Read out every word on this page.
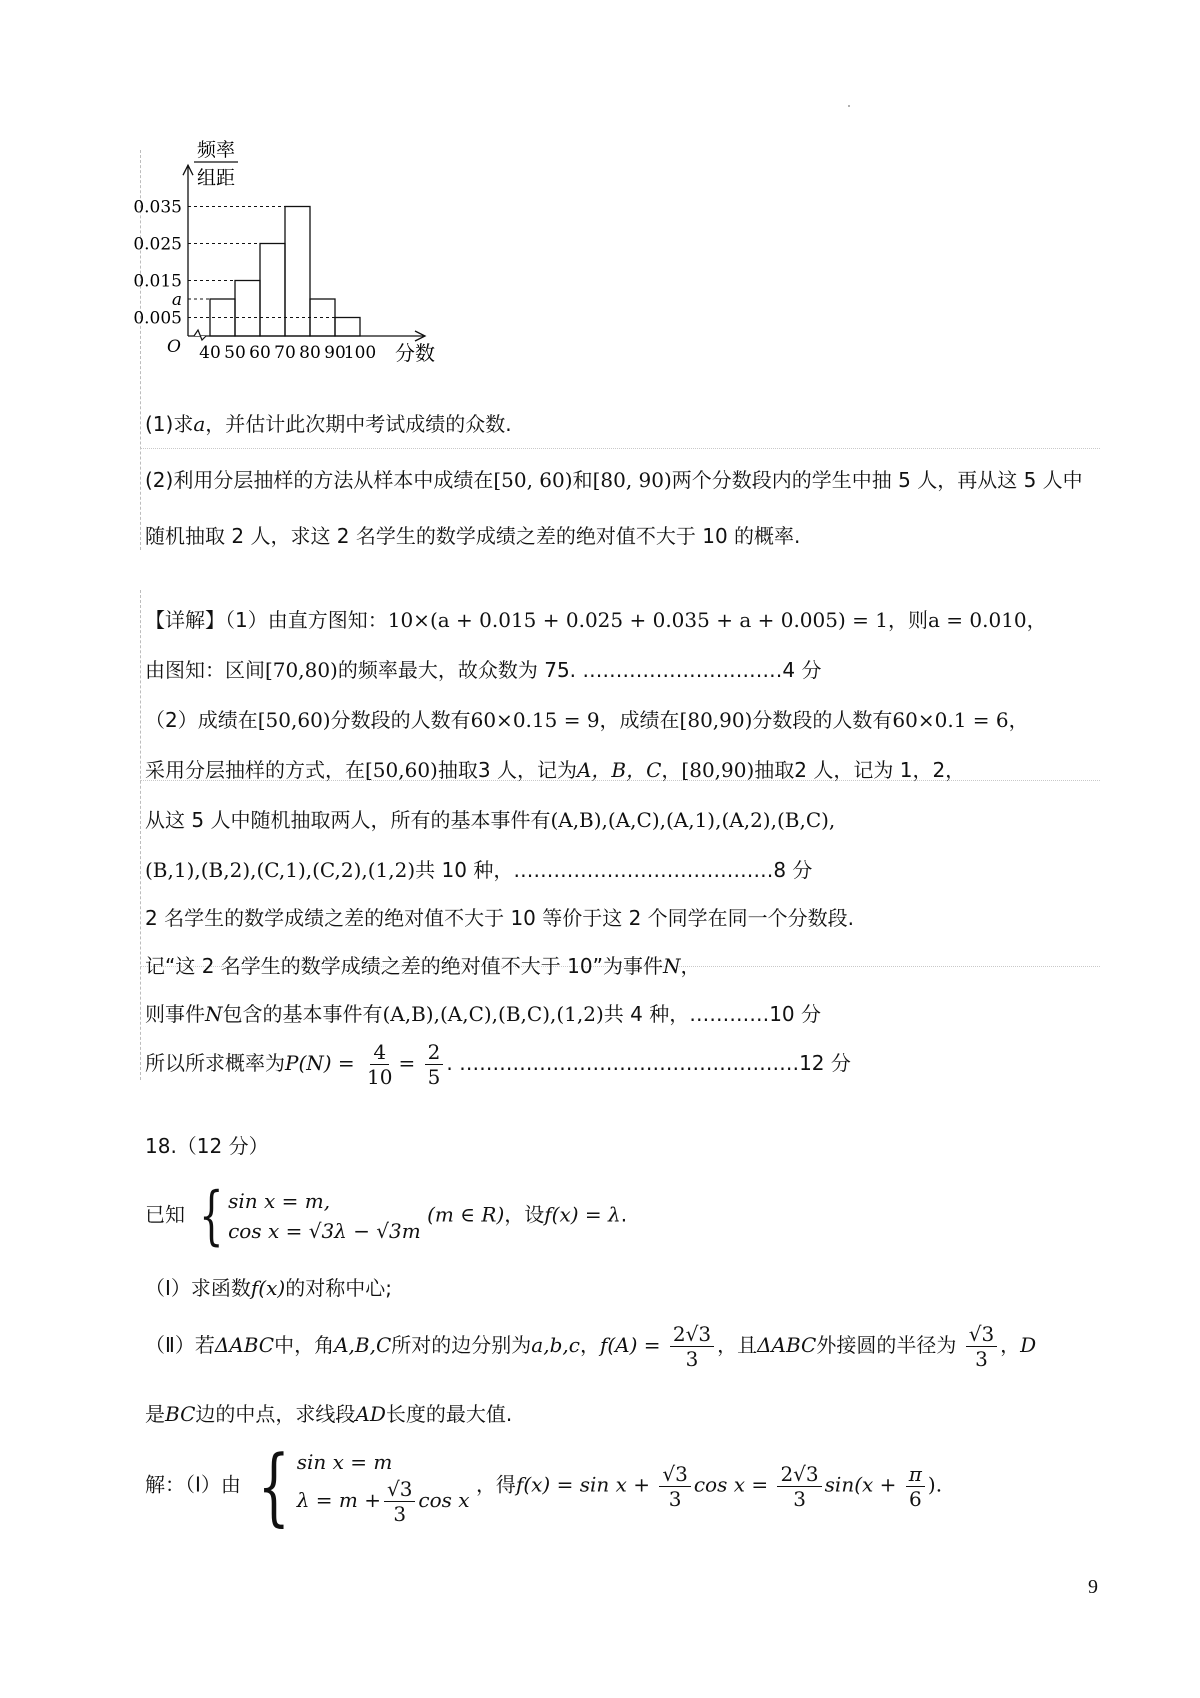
0.035
0.025
0.015
a
0.005
40 50 60 70 80 90
100
O	分数
频率
组距
(1)求a，并估计此次期中考试成绩的众数.
(2)利用分层抽样的方法从样本中成绩在[50, 60)和[80, 90)两个分数段内的学生中抽 5 人，再从这 5 人中
随机抽取 2 人，求这 2 名学生的数学成绩之差的绝对值不大于 10 的概率.
【详解】（1）由直方图知：10×(a + 0.015 + 0.025 + 0.035 + a + 0.005) = 1，则a = 0.010，
由图知：区间[70,80)的频率最大，故众数为 75. …………………………4 分
（2）成绩在[50,60)分数段的人数有60×0.15 = 9，成绩在[80,90)分数段的人数有60×0.1 = 6，
采用分层抽样的方式，在[50,60)抽取3 人，记为A，B，C，[80,90)抽取2 人，记为 1，2，
从这 5 人中随机抽取两人，所有的基本事件有(A,B),(A,C),(A,1),(A,2),(B,C),
(B,1),(B,2),(C,1),(C,2),(1,2)共 10 种，…………………………………8 分
2 名学生的数学成绩之差的绝对值不大于 10 等价于这 2 个同学在同一个分数段.
记“这 2 名学生的数学成绩之差的绝对值不大于 10”为事件N，
则事件N包含的基本事件有(A,B),(A,C),(B,C),(1,2)共 4 种，…………10 分
所以所求概率为$P(N) = \frac{4}{10} = \frac{2}{5}$ . ……………………………………………12 分
18.（12 分）
已知 { sin x = m,
cos x = √3λ − √3m
(m ∈ R)，设f(x) = λ.
（Ⅰ）求函数f(x)的对称中心;
（Ⅱ）若ΔABC中，角A,B,C所对的边分别为a,b,c，$f(A) = \frac{2√3}{3}$ ，且ΔABC外接圆的半径为 $\frac{√3}{3}$ ，D
是BC边的中点，求线段AD长度的最大值.
解：（Ⅰ）由 { sin x = m
$\lambda = m + \frac{√3}{3}$ cos x
，得$f(x) = \sin x + \frac{√3}{3}$ $\cos x = \frac{2√3}{3} \sin(x + \frac{\pi}{6}$ ).
9
